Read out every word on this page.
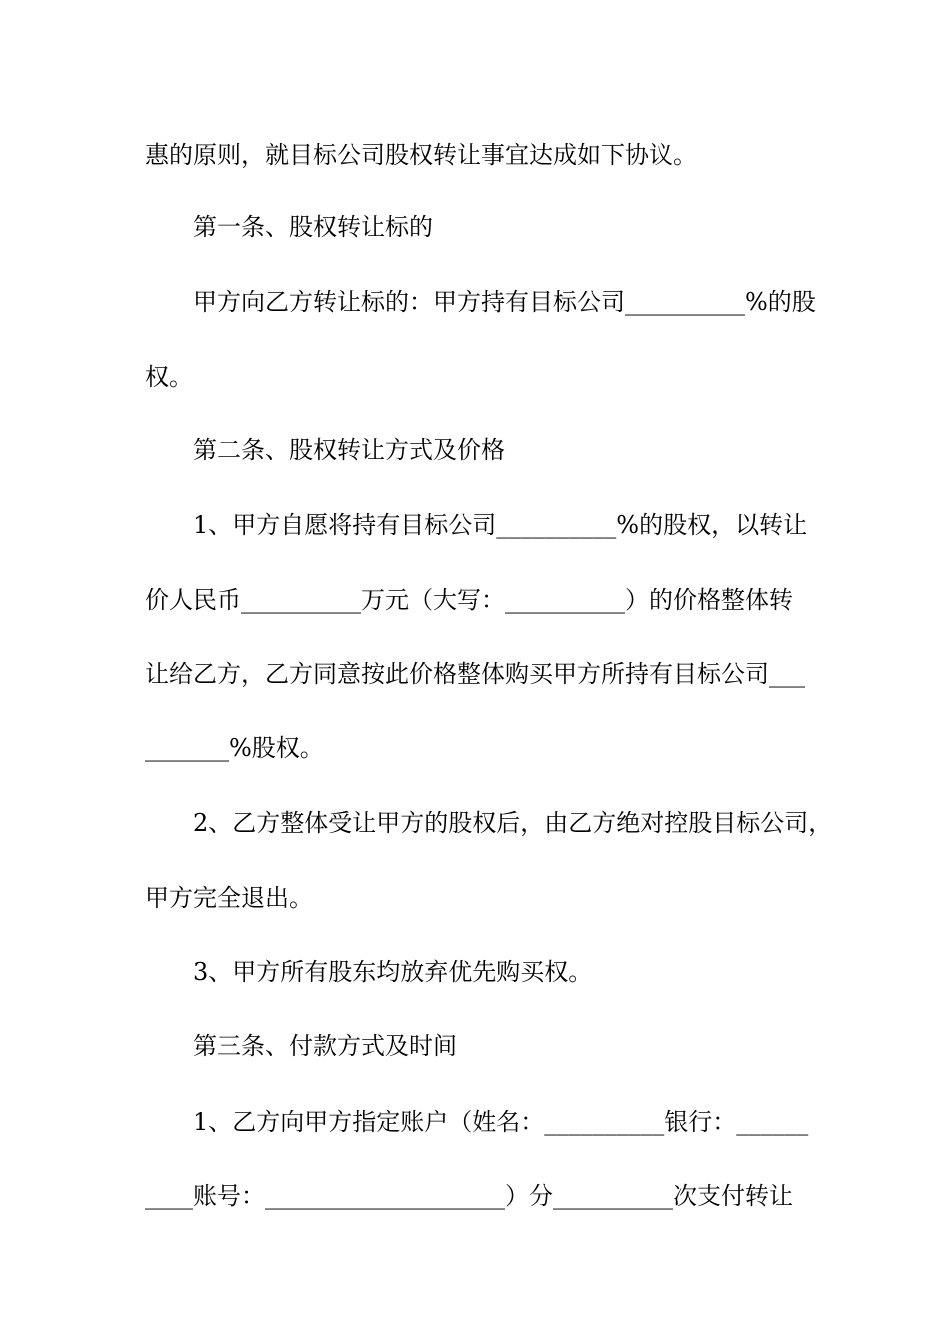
惠的原则，就目标公司股权转让事宜达成如下协议。
第一条、股权转让标的
甲方向乙方转让标的：甲方持有目标公司__________%的股
权。
第二条、股权转让方式及价格
1、甲方自愿将持有目标公司__________%的股权，以转让
价人民币__________万元（大写：__________）的价格整体转
让给乙方，乙方同意按此价格整体购买甲方所持有目标公司___
_______%股权。
2、乙方整体受让甲方的股权后，由乙方绝对控股目标公司，
甲方完全退出。
3、甲方所有股东均放弃优先购买权。
第三条、付款方式及时间
1、乙方向甲方指定账户（姓名：__________银行：______
____账号：____________________）分__________次支付转让
